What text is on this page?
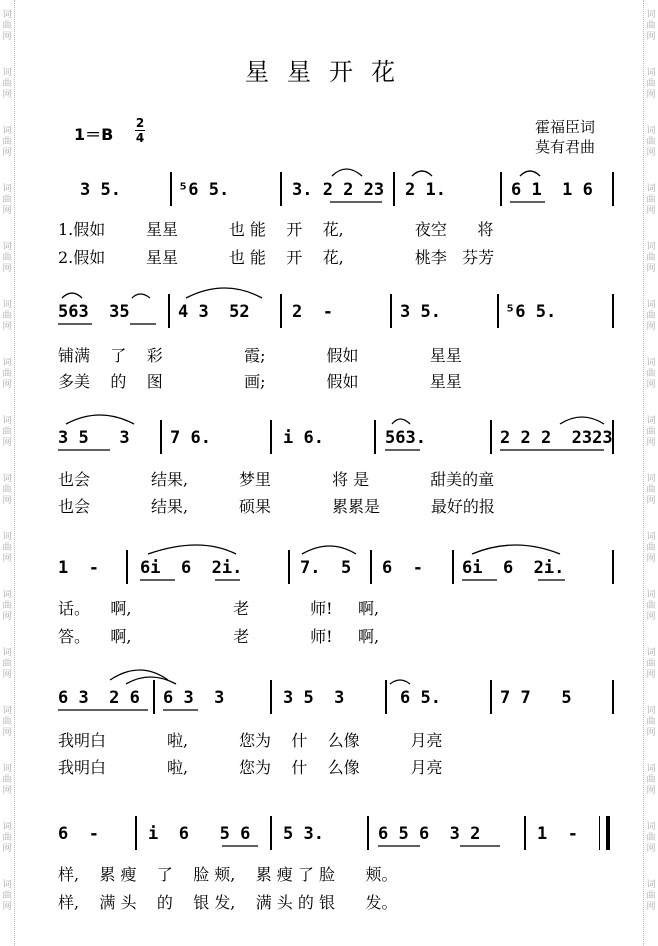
词
曲
网
词
曲
网
词
曲
网
词
曲
网
词
曲
网
词
曲
网
词
曲
网
词
曲
网
词
曲
网
词
曲
网
词
曲
网
词
曲
网
词
曲
网
词
曲
网
词
曲
网
词
曲
网
词
曲
网
词
曲
网
词
曲
网
词
曲
网
词
曲
网
词
曲
网
词
曲
网
词
曲
网
词
曲
网
词
曲
网
词
曲
网
词
曲
网
词
曲
网
词
曲
网
词
曲
网
词
曲
网
星星开花
1＝B
2
4
霍福臣词
莫有君曲
3 5.	⁵6 5.	3. 2 2 23 2 1.	6 1  1 6
1.假如        星星          也 能    开    花,              夜空      将
2.假如        星星          也 能    开    花,              桃李   芬芳
563  35	4 3  52 2  -	3 5.	⁵6 5.
铺满    了    彩                霞;            假如              星星
多美    的    图                画;            假如              星星
3 5   3 7 6.	i 6.	563.	2 2 2  2323
也会            结果,          梦里            将 是            甜美的童
也会            结果,          硕果            累累是          最好的报
1  - 6i  6  2i.	7.  5 6  - 6i  6  2i.
话。    啊,                    老            师!     啊,
答。    啊,                    老            师!     啊,
6 3  2 6 6 3  3	3 5  3	6 5.	7 7   5
我明白            啦,          您为    什    么像          月亮
我明白            啦,          您为    什    么像          月亮
6  -	i  6   5 6 5 3.	6 5 6  3 2	1  -
样,    累 瘦    了    脸 颊,    累 瘦 了 脸      颊。
样,    满 头    的    银 发,    满 头 的 银      发。
